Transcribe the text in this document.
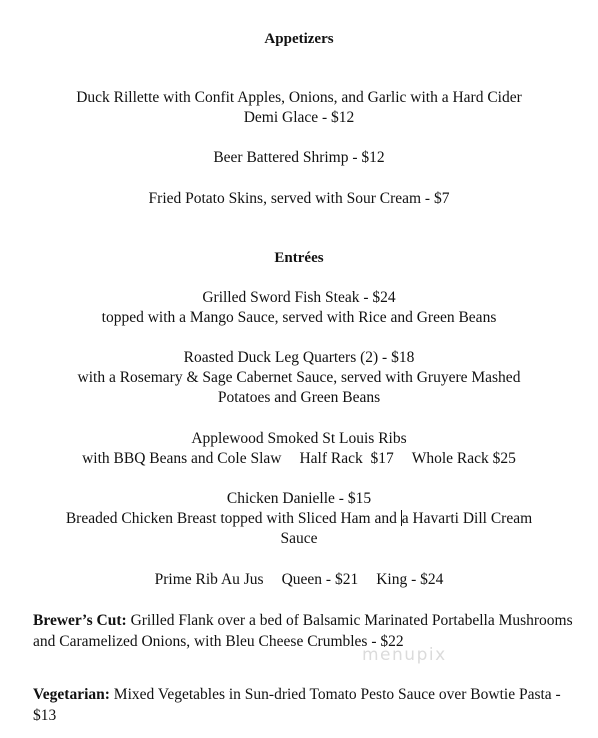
Appetizers
Duck Rillette with Confit Apples, Onions, and Garlic with a Hard Cider
Demi Glace - $12
Beer Battered Shrimp - $12
Fried Potato Skins, served with Sour Cream - $7
Entrées
Grilled Sword Fish Steak - $24
topped with a Mango Sauce, served with Rice and Green Beans
Roasted Duck Leg Quarters (2) - $18
with a Rosemary & Sage Cabernet Sauce, served with Gruyere Mashed
Potatoes and Green Beans
Applewood Smoked St Louis Ribs
with BBQ Beans and Cole Slaw Half Rack  $17 Whole Rack $25
Chicken Danielle - $15
Breaded Chicken Breast topped with Sliced Ham and a Havarti Dill Cream
Sauce
Prime Rib Au Jus Queen - $21 King - $24
Brewer’s Cut: Grilled Flank over a bed of Balsamic Marinated Portabella Mushrooms and Caramelized Onions, with Bleu Cheese Crumbles - $22
Vegetarian: Mixed Vegetables in Sun-dried Tomato Pesto Sauce over Bowtie Pasta - $13
menupix
